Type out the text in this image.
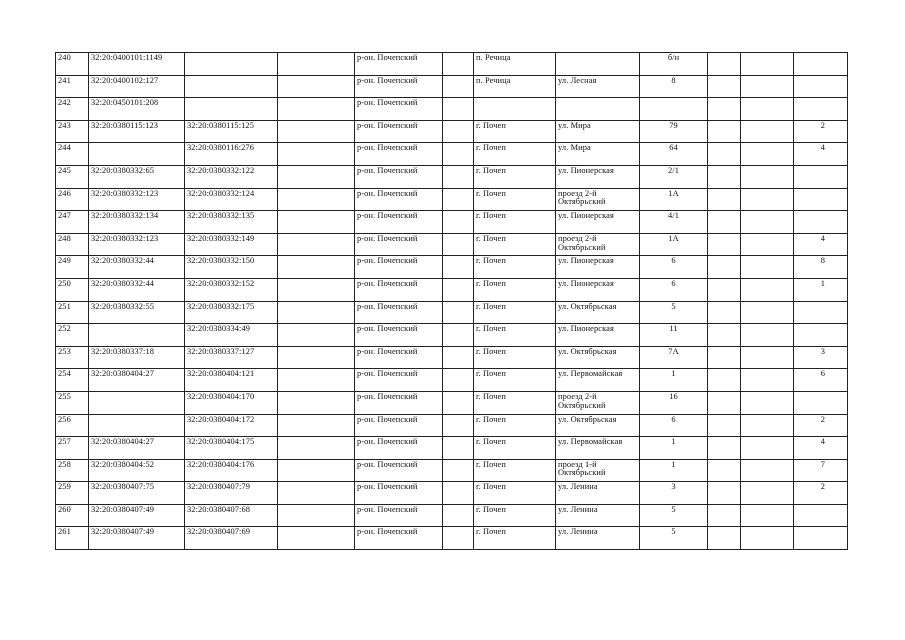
240	32:20:0400101:1149			р-он. Почепский		п. Речица		б/н			

241	32:20:0400102:127			р-он. Почепский		п. Речица	ул. Лесная	8			

242	32:20:0450101:208			р-он. Почепский							

243	32:20:0380115:123	32:20:0380115:125		р-он. Почепский		г. Почеп	ул. Мира	79			2

244		32:20:0380116:276		р-он. Почепский		г. Почеп	ул. Мира	64			4

245	32:20:0380332:65	32:20:0380332:122		р-он. Почепский		г. Почеп	ул. Пионерская	2/1			

246	32:20:0380332:123	32:20:0380332:124		р-он. Почепский		г. Почеп	проезд 2-й Октябрьский	1А			

247	32:20:0380332:134	32:20:0380332:135		р-он. Почепский		г. Почеп	ул. Пионерская	4/1			

248	32:20:0380332:123	32:20:0380332:149		р-он. Почепский		г. Почеп	проезд 2-й Октябрьский	1А			4

249	32:20:0380332:44	32:20:0380332:150		р-он. Почепский		г. Почеп	ул. Пионерская	6			8

250	32:20:0380332:44	32:20:0380332:152		р-он. Почепский		г. Почеп	ул. Пионерская	6			1

251	32:20:0380332:55	32:20:0380332:175		р-он. Почепский		г. Почеп	ул. Октябрьская	5			

252		32:20:0380334:49		р-он. Почепский		г. Почеп	ул. Пионерская	11			

253	32:20:0380337:18	32:20:0380337:127		р-он. Почепский		г. Почеп	ул. Октябрьская	7А			3

254	32:20:0380404:27	32:20:0380404:121		р-он. Почепский		г. Почеп	ул. Первомайская	1			6

255		32:20:0380404:170		р-он. Почепский		г. Почеп	проезд 2-й Октябрьский	16			

256		32:20:0380404:172		р-он. Почепский		г. Почеп	ул. Октябрьская	6			2

257	32:20:0380404:27	32:20:0380404:175		р-он. Почепский		г. Почеп	ул. Первомайская	1			4

258	32:20:0380404:52	32:20:0380404:176		р-он. Почепский		г. Почеп	проезд 1-й Октябрьский	1			7

259	32:20:0380407:75	32:20:0380407:79		р-он. Почепский		г. Почеп	ул. Ленина	3			2

260	32:20:0380407:49	32:20:0380407:68		р-он. Почепский		г. Почеп	ул. Ленина	5			

261	32:20:0380407:49	32:20:0380407:69		р-он. Почепский		г. Почеп	ул. Ленина	5			
